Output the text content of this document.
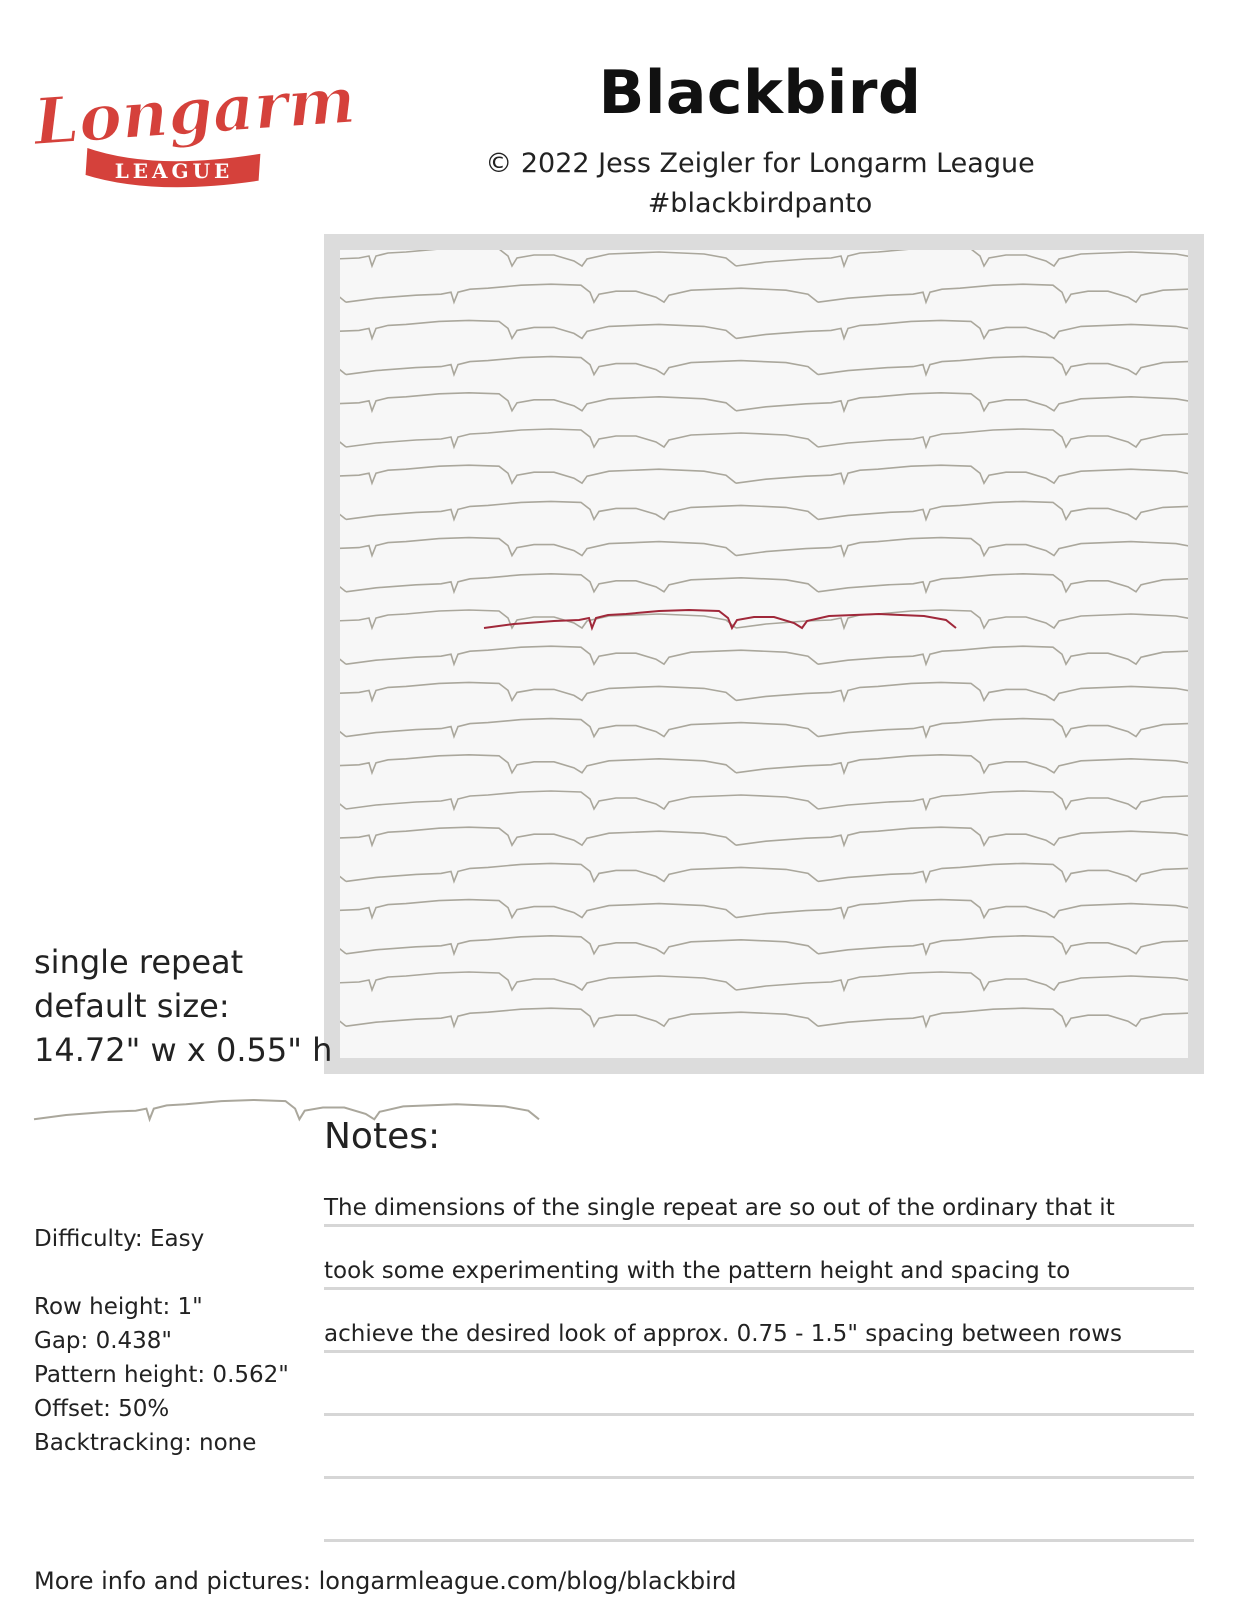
Longarm
LEAGUE
Blackbird
© 2022 Jess Zeigler for Longarm League
#blackbirdpanto
single repeat
default size:
14.72" w x 0.55" h
Notes:
The dimensions of the single repeat are so out of the ordinary that it
took some experimenting with the pattern height and spacing to
achieve the desired look of approx. 0.75 - 1.5" spacing between rows
Difficulty: Easy
Row height: 1"
Gap: 0.438"
Pattern height: 0.562"
Offset: 50%
Backtracking: none
More info and pictures: longarmleague.com/blog/blackbird
